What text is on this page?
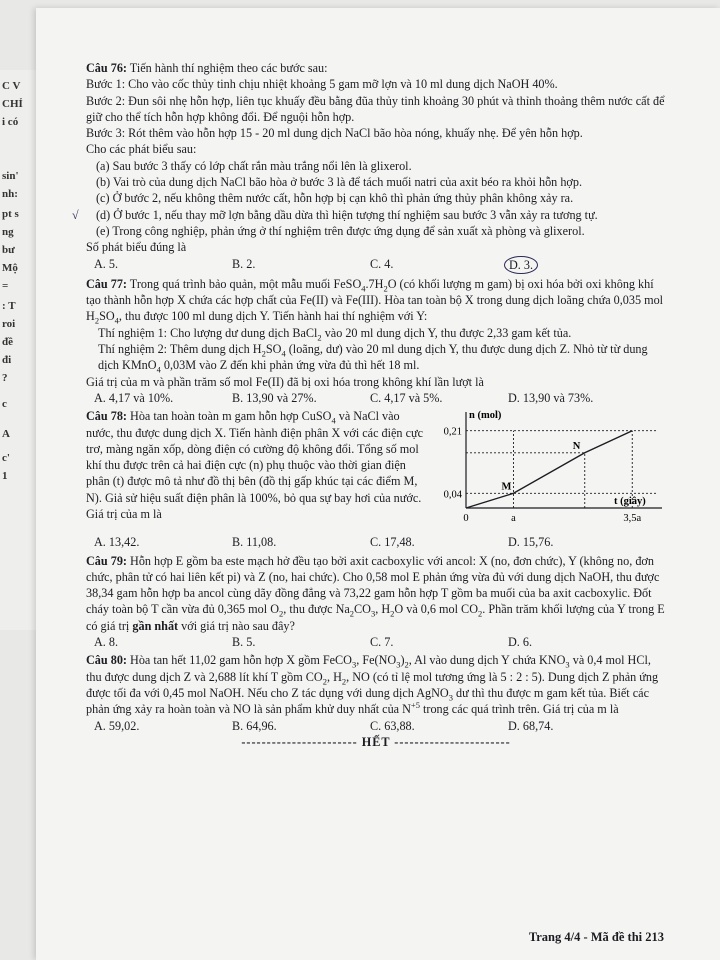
C V
CHỈ
i có
sin'
nh:
pt s
ng
bư
Mộ
=
: T
roi
đề
đi
?
c
A
c'
1

Câu 76: Tiến hành thí nghiệm theo các bước sau:

Bước 1: Cho vào cốc thủy tinh chịu nhiệt khoảng 5 gam mỡ lợn và 10 ml dung dịch NaOH 40%.

Bước 2: Đun sôi nhẹ hỗn hợp, liên tục khuấy đều bằng đũa thủy tinh khoảng 30 phút và thỉnh thoảng thêm nước cất để giữ cho thể tích hỗn hợp không đổi. Để nguội hỗn hợp.

Bước 3: Rót thêm vào hỗn hợp 15 - 20 ml dung dịch NaCl bão hòa nóng, khuấy nhẹ. Để yên hỗn hợp.

Cho các phát biểu sau:

(a) Sau bước 3 thấy có lớp chất rắn màu trắng nổi lên là glixerol.

(b) Vai trò của dung dịch NaCl bão hòa ở bước 3 là để tách muối natri của axit béo ra khỏi hỗn hợp.

(c) Ở bước 2, nếu không thêm nước cất, hỗn hợp bị cạn khô thì phản ứng thủy phân không xảy ra.

√ (d) Ở bước 1, nếu thay mỡ lợn bằng dầu dừa thì hiện tượng thí nghiệm sau bước 3 vẫn xảy ra tương tự.

(e) Trong công nghiệp, phản ứng ở thí nghiệm trên được ứng dụng để sản xuất xà phòng và glixerol.

Số phát biểu đúng là

A. 5.	B. 2.	C. 4.	D. 3.

Câu 77: Trong quá trình bảo quản, một mẫu muối $FeSO_4.7H_2O$ (có khối lượng m gam) bị oxi hóa bởi oxi không khí tạo thành hỗn hợp X chứa các hợp chất của Fe(II) và Fe(III). Hòa tan toàn bộ X trong dung dịch loãng chứa 0,035 mol $H_2SO_4$, thu được 100 ml dung dịch Y. Tiến hành hai thí nghiệm với Y:

Thí nghiệm 1: Cho lượng dư dung dịch BaCl$_2$ vào 20 ml dung dịch Y, thu được 2,33 gam kết tủa.

Thí nghiệm 2: Thêm dung dịch $H_2SO_4$ (loãng, dư) vào 20 ml dung dịch Y, thu được dung dịch Z. Nhỏ từ từ dung dịch KMnO$_4$ 0,03M vào Z đến khi phản ứng vừa đủ thì hết 18 ml.

Giá trị của m và phần trăm số mol Fe(II) đã bị oxi hóa trong không khí lần lượt là

A. 4,17 và 10%.	B. 13,90 và 27%.	C. 4,17 và 5%.	D. 13,90 và 73%.

Câu 78: Hòa tan hoàn toàn m gam hỗn hợp CuSO$_4$ và NaCl vào nước, thu được dung dịch X. Tiến hành điện phân X với các điện cực trơ, màng ngăn xốp, dòng điện có cường độ không đổi. Tổng số mol khí thu được trên cả hai điện cực (n) phụ thuộc vào thời gian điện phân (t) được mô tả như đồ thị bên (đồ thị gấp khúc tại các điểm M, N). Giả sử hiệu suất điện phân là 100%, bỏ qua sự bay hơi của nước. Giá trị của m là

n (mol)
t (giây)
0,04
0,21
0	a	3,5a
M
N
A. 13,42.	B. 11,08.	C. 17,48.	D. 15,76.

Câu 79: Hỗn hợp E gồm ba este mạch hở đều tạo bởi axit cacboxylic với ancol: X (no, đơn chức), Y (không no, đơn chức, phân tử có hai liên kết pi) và Z (no, hai chức). Cho 0,58 mol E phản ứng vừa đủ với dung dịch NaOH, thu được 38,34 gam hỗn hợp ba ancol cùng dãy đồng đẳng và 73,22 gam hỗn hợp T gồm ba muối của ba axit cacboxylic. Đốt cháy toàn bộ T cần vừa đủ 0,365 mol $O_2$, thu được $Na_2CO_3$, $H_2O$ và 0,6 mol $CO_2$. Phần trăm khối lượng của Y trong E có giá trị gần nhất với giá trị nào sau đây?

A. 8.	B. 5.	C. 7.	D. 6.

Câu 80: Hòa tan hết 11,02 gam hỗn hợp X gồm FeCO$_3$, $Fe(NO_3)_2$, Al vào dung dịch Y chứa $KNO_3$ và 0,4 mol HCl, thu được dung dịch Z và 2,688 lít khí T gồm $CO_2$, $H_2$, NO (có tỉ lệ mol tương ứng là 5 : 2 : 5). Dung dịch Z phản ứng được tối đa với 0,45 mol NaOH. Nếu cho Z tác dụng với dung dịch AgNO$_3$ dư thì thu được m gam kết tủa. Biết các phản ứng xảy ra hoàn toàn và NO là sản phẩm khử duy nhất của $N^{+5}$ trong các quá trình trên. Giá trị của m là

A. 59,02.	B. 64,96.	C. 63,88.	D. 68,74.

----------------------- HẾT -----------------------

Trang 4/4 - Mã đề thi 213
